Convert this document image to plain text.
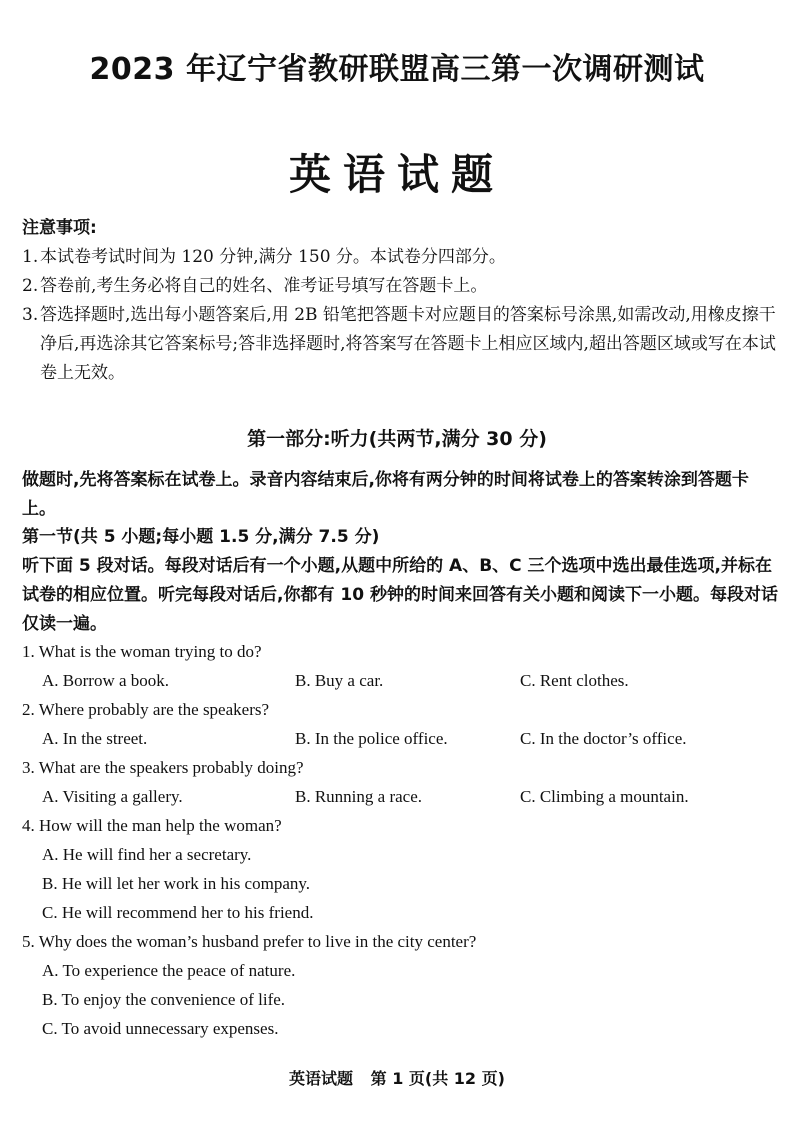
2023 年辽宁省教研联盟高三第一次调研测试
英语试题
注意事项:
1. 本试卷考试时间为 120 分钟,满分 150 分。本试卷分四部分。
2. 答卷前,考生务必将自己的姓名、准考证号填写在答题卡上。
3. 答选择题时,选出每小题答案后,用 2B 铅笔把答题卡对应题目的答案标号涂黑,如需改动,用橡皮擦干净后,再选涂其它答案标号;答非选择题时,将答案写在答题卡上相应区域内,超出答题区域或写在本试卷上无效。
第一部分:听力(共两节,满分 30 分)
做题时,先将答案标在试卷上。录音内容结束后,你将有两分钟的时间将试卷上的答案转涂到答题卡上。
第一节(共 5 小题;每小题 1.5 分,满分 7.5 分)
听下面 5 段对话。每段对话后有一个小题,从题中所给的 A、B、C 三个选项中选出最佳选项,并标在试卷的相应位置。听完每段对话后,你都有 10 秒钟的时间来回答有关小题和阅读下一小题。每段对话仅读一遍。
1. What is the woman trying to do?
A. Borrow a book.	B. Buy a car.	C. Rent clothes.
2. Where probably are the speakers?
A. In the street.	B. In the police office.	C. In the doctor’s office.
3. What are the speakers probably doing?
A. Visiting a gallery.	B. Running a race.	C. Climbing a mountain.
4. How will the man help the woman?
A. He will find her a secretary.
B. He will let her work in his company.
C. He will recommend her to his friend.
5. Why does the woman’s husband prefer to live in the city center?
A. To experience the peace of nature.
B. To enjoy the convenience of life.
C. To avoid unnecessary expenses.
英语试题 第 1 页(共 12 页)
